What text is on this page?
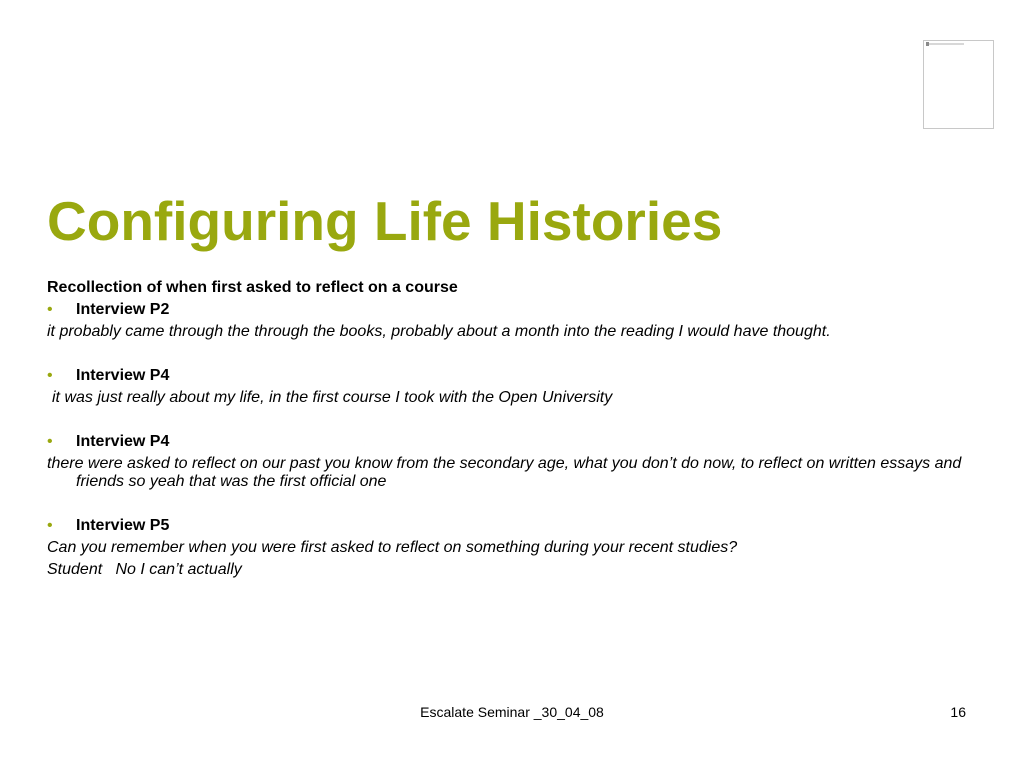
Configuring Life Histories

Recollection of when first asked to reflect on a course

•	Interview P2

it probably came through the through the books, probably about a month into the reading I would have thought.

•	Interview P4

it was just really about my life, in the first course I took with the Open University

•	Interview P4

there were asked to reflect on our past you know from the secondary age, what you don’t do now, to reflect on written essays and friends so yeah that was the first official one

•	Interview P5

Can you remember when you were first asked to reflect on something during your recent studies?

Student   No I can’t actually

Escalate Seminar _30_04_08	16
